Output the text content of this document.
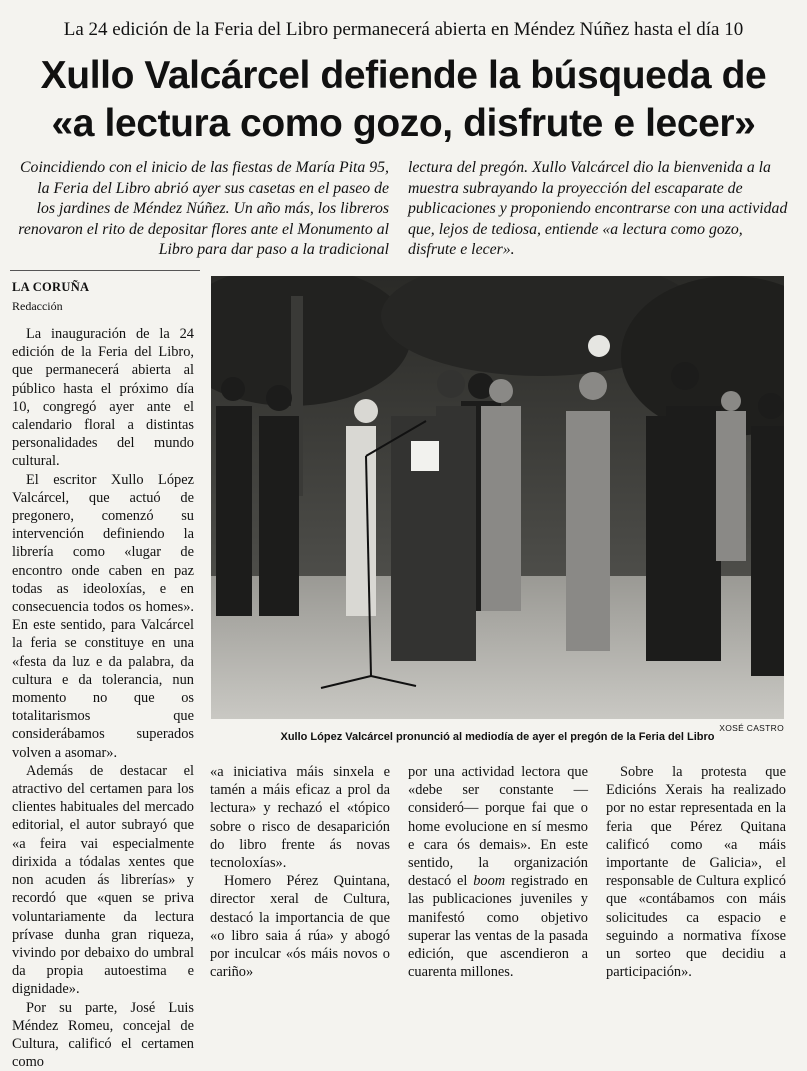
La 24 edición de la Feria del Libro permanecerá abierta en Méndez Núñez hasta el día 10
Xullo Valcárcel defiende la búsqueda de
«a lectura como gozo, disfrute e lecer»
Coincidiendo con el inicio de las fiestas de María Pita 95, la Feria del Libro abrió ayer sus casetas en el paseo de los jardines de Méndez Núñez. Un año más, los libreros renovaron el rito de depositar flores ante el Monumento al Libro para dar paso a la tradicional
lectura del pregón. Xullo Valcárcel dio la bienvenida a la muestra subrayando la proyección del escaparate de publicaciones y proponiendo encontrarse con una actividad que, lejos de tediosa, entiende «a lectura como gozo, disfrute e lecer».
LA CORUÑA
Redacción

La inauguración de la 24 edición de la Feria del Libro, que permanecerá abierta al público hasta el próximo día 10, congregó ayer ante el calendario floral a distintas personalidades del mundo cultural.

El escritor Xullo López Valcárcel, que actuó de pregonero, comenzó su intervención definiendo la librería como «lugar de encontro onde caben en paz todas as ideoloxías, e en consecuencia todos os homes». En este sentido, para Valcárcel la feria se constituye en una «festa da luz e da palabra, da cultura e da tolerancia, nun momento no que os totalitarismos que considerábamos superados volven a asomar».

Además de destacar el atractivo del certamen para los clientes habituales del mercado editorial, el autor subrayó que «a feira vai especialmente dirixida a tódalas xentes que non acuden ás librerías» y recordó que «quen se priva voluntariamente da lectura prívase dunha gran riqueza, vivindo por debaixo do umbral da propia autoestima e dignidade».

Por su parte, José Luis Méndez Romeu, concejal de Cultura, calificó el certamen como

XOSÉ CASTRO
Xullo López Valcárcel pronunció al mediodía de ayer el pregón de la Feria del Libro

«a iniciativa máis sinxela e tamén a máis eficaz a prol da lectura» y rechazó el «tópico sobre o risco de desaparición do libro frente ás novas tecnoloxías».

Homero Pérez Quintana, director xeral de Cultura, destacó la importancia de que «o libro saia á rúa» y abogó por inculcar «ós máis novos o cariño»

por una actividad lectora que «debe ser constante —consideró— porque fai que o home evolucione en sí mesmo e cara ós demais». En este sentido, la organización destacó el boom registrado en las publicaciones juveniles y manifestó como objetivo superar las ventas de la pasada edición, que ascendieron a cuarenta millones.

Sobre la protesta que Edicións Xerais ha realizado por no estar representada en la feria que Pérez Quitana calificó como «a máis importante de Galicia», el responsable de Cultura explicó que «contábamos con máis solicitudes ca espacio e seguindo a normativa fíxose un sorteo que decidiu a participación».
